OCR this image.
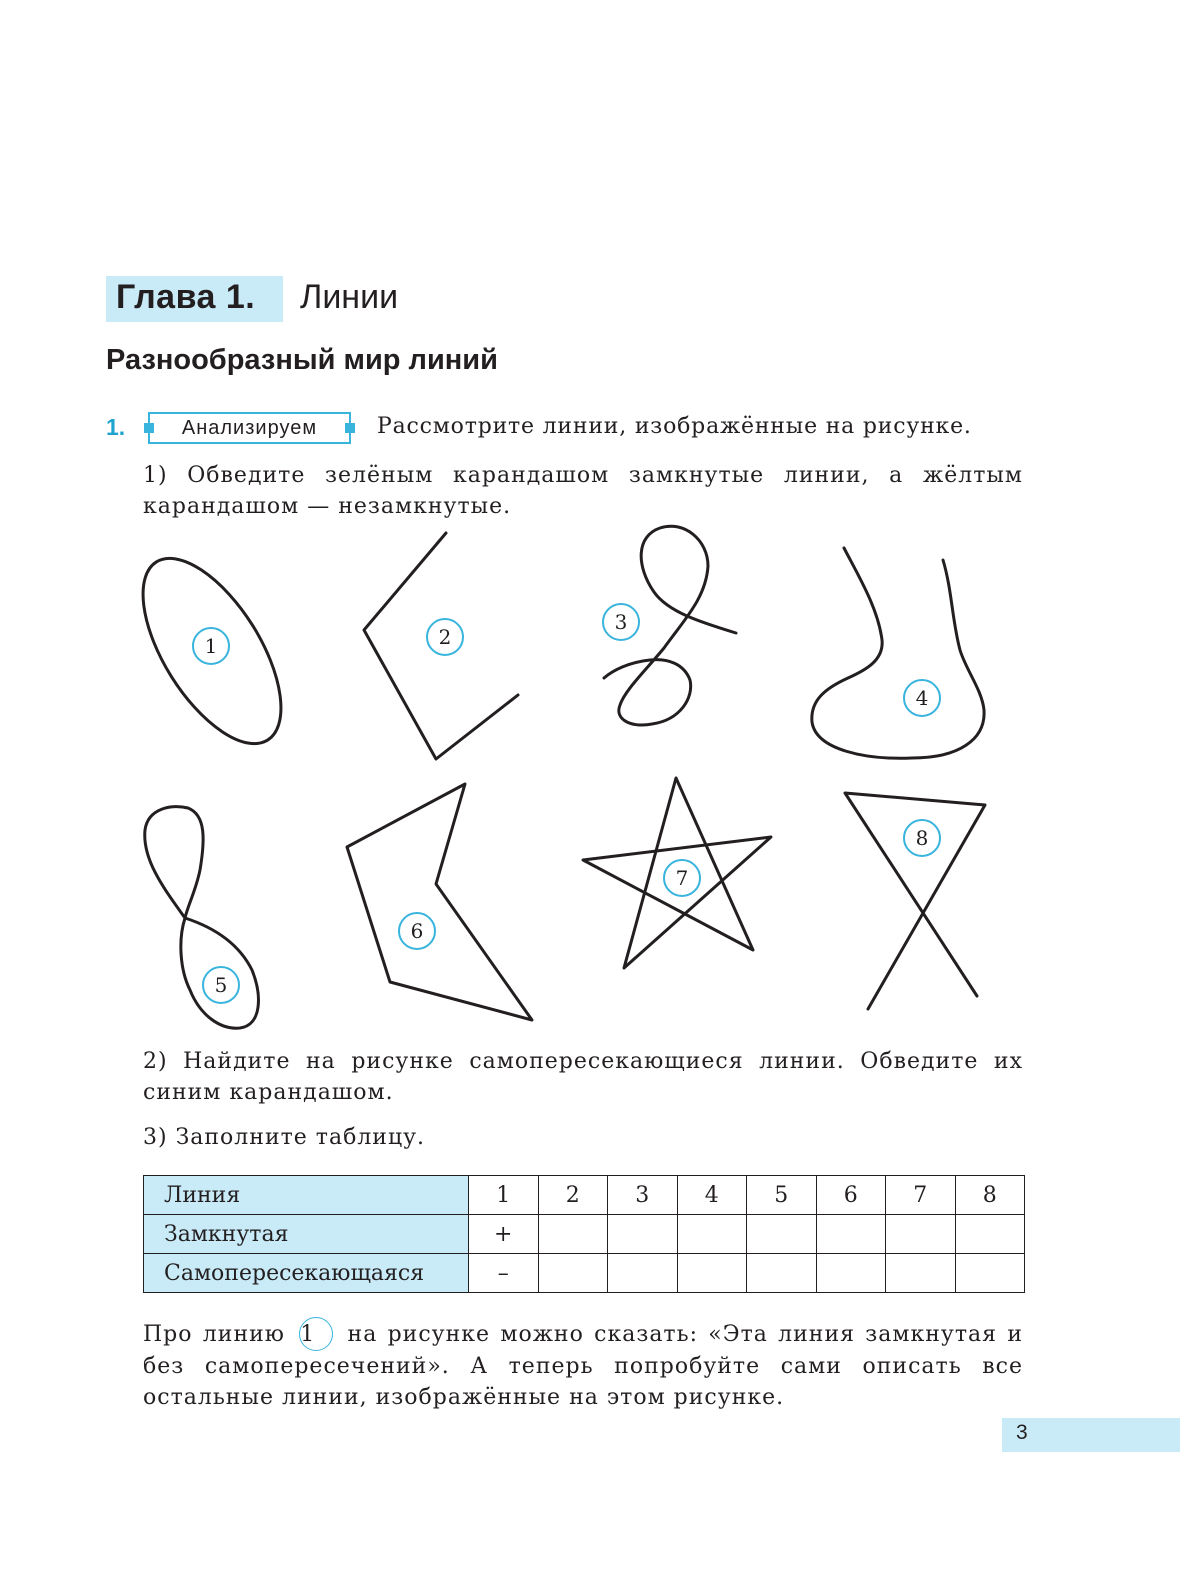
Глава 1. Линии
Разнообразный мир линий
1.	Анализируем	Рассмотрите линии, изображённые на рисунке.
1) Обведите зелёным карандашом замкнутые линии, а жёлтым карандашом — незамкнутые.
1	2
3
4
5
6
7
8
2) Найдите на рисунке самопересекающиеся линии. Обведите их синим карандашом.
3) Заполните таблицу.
Линия	1	2	3	4	5	6	7	8
Замкнутая	+							
Самопересекающаяся	–							
Про линию 1 на рисунке можно сказать: «Эта линия замкнутая и без самопересечений». А теперь попробуйте сами описать все остальные линии, изображённые на этом рисунке.
3
